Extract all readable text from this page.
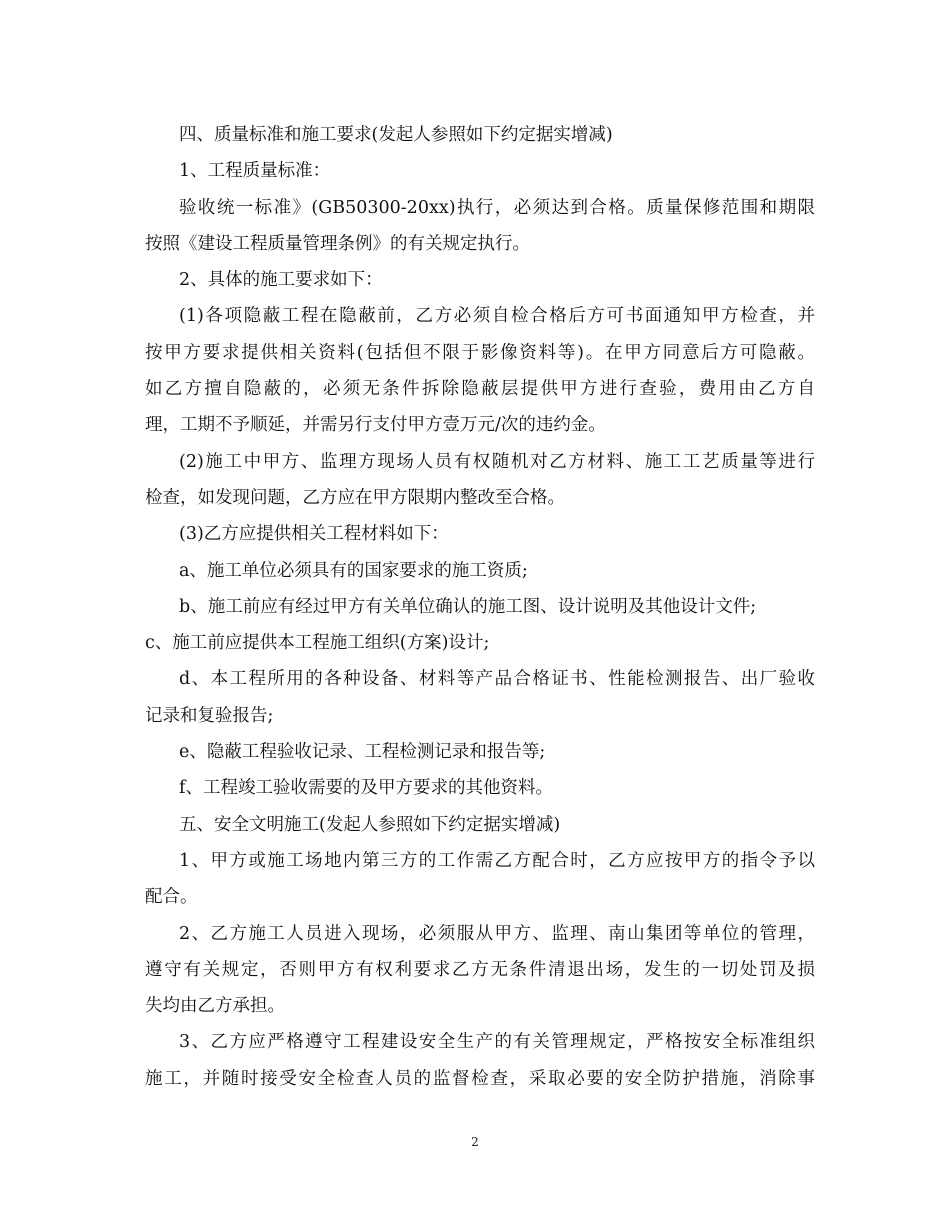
四、质量标准和施工要求(发起人参照如下约定据实增减)
1、工程质量标准：
验收统一标准》(GB50300-20xx)执行，必须达到合格。质量保修范围和期限
按照《建设工程质量管理条例》的有关规定执行。
2、具体的施工要求如下：
(1)各项隐蔽工程在隐蔽前，乙方必须自检合格后方可书面通知甲方检查，并
按甲方要求提供相关资料(包括但不限于影像资料等)。在甲方同意后方可隐蔽。
如乙方擅自隐蔽的，必须无条件拆除隐蔽层提供甲方进行查验，费用由乙方自
理，工期不予顺延，并需另行支付甲方壹万元/次的违约金。
(2)施工中甲方、监理方现场人员有权随机对乙方材料、施工工艺质量等进行
检查，如发现问题，乙方应在甲方限期内整改至合格。
(3)乙方应提供相关工程材料如下：
a、施工单位必须具有的国家要求的施工资质;
b、施工前应有经过甲方有关单位确认的施工图、设计说明及其他设计文件;
c、施工前应提供本工程施工组织(方案)设计;
d、本工程所用的各种设备、材料等产品合格证书、性能检测报告、出厂验收
记录和复验报告;
e、隐蔽工程验收记录、工程检测记录和报告等;
f、工程竣工验收需要的及甲方要求的其他资料。
五、安全文明施工(发起人参照如下约定据实增减)
1、甲方或施工场地内第三方的工作需乙方配合时，乙方应按甲方的指令予以
配合。
2、乙方施工人员进入现场，必须服从甲方、监理、南山集团等单位的管理，
遵守有关规定，否则甲方有权利要求乙方无条件清退出场，发生的一切处罚及损
失均由乙方承担。
3、乙方应严格遵守工程建设安全生产的有关管理规定，严格按安全标准组织
施工，并随时接受安全检查人员的监督检查，采取必要的安全防护措施，消除事
2
